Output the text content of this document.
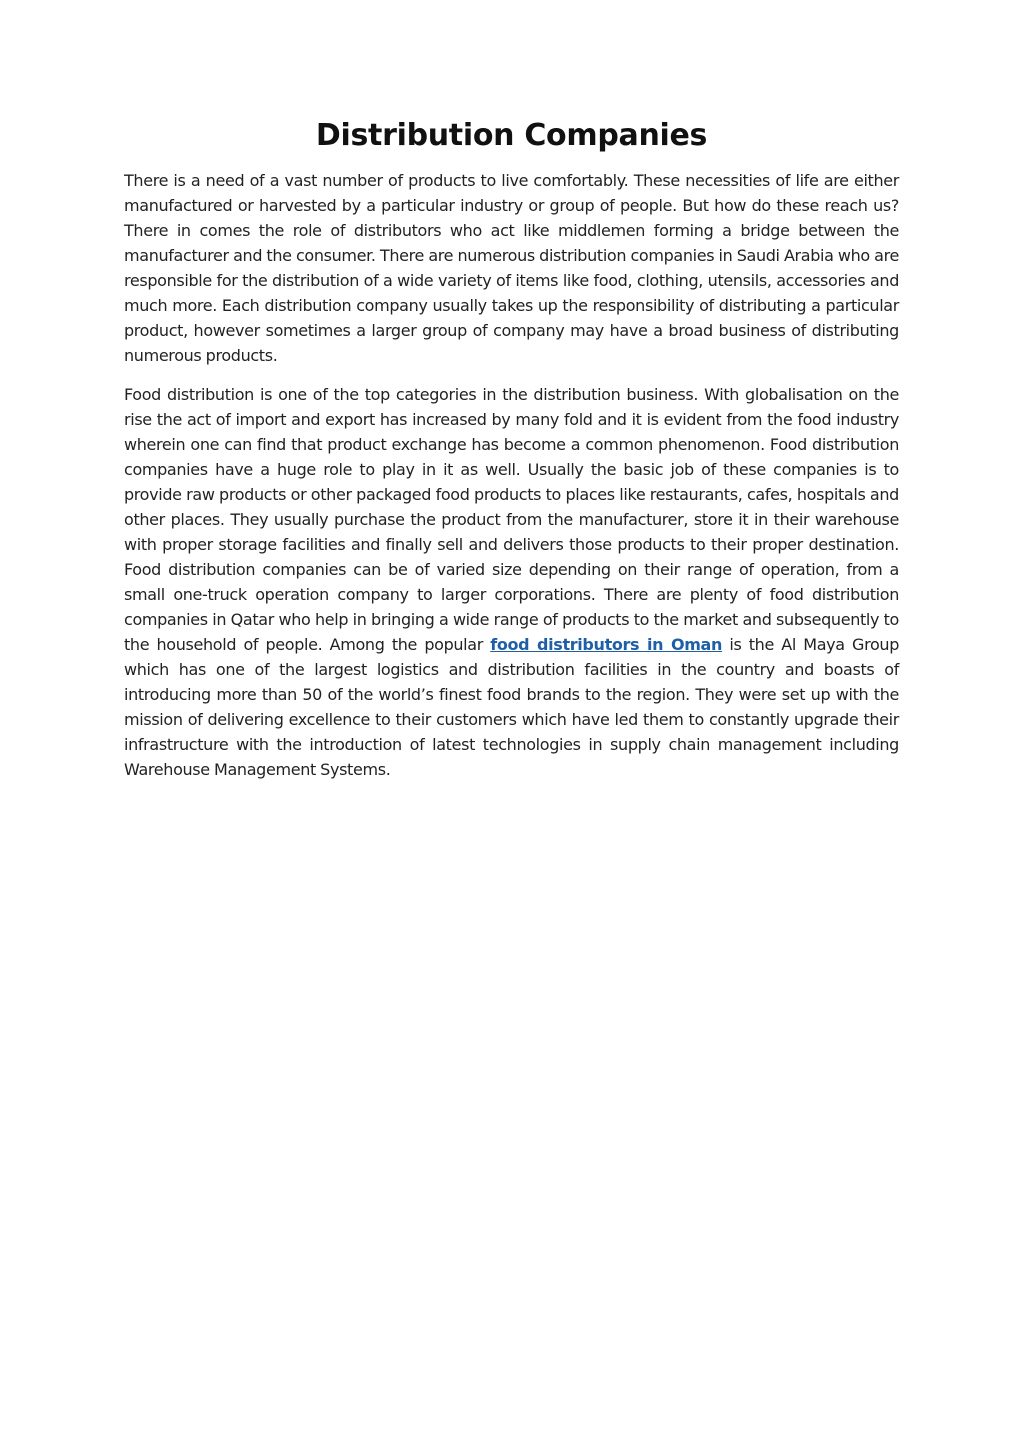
Distribution Companies

There is a need of a vast number of products to live comfortably. These necessities of life are either manufactured or harvested by a particular industry or group of people. But how do these reach us? There in comes the role of distributors who act like middlemen forming a bridge between the manufacturer and the consumer. There are numerous distribution companies in Saudi Arabia who are responsible for the distribution of a wide variety of items like food, clothing, utensils, accessories and much more. Each distribution company usually takes up the responsibility of distributing a particular product, however sometimes a larger group of company may have a broad business of distributing numerous products.

Food distribution is one of the top categories in the distribution business. With globalisation on the rise the act of import and export has increased by many fold and it is evident from the food industry wherein one can find that product exchange has become a common phenomenon. Food distribution companies have a huge role to play in it as well. Usually the basic job of these companies is to provide raw products or other packaged food products to places like restaurants, cafes, hospitals and other places. They usually purchase the product from the manufacturer, store it in their warehouse with proper storage facilities and finally sell and delivers those products to their proper destination. Food distribution companies can be of varied size depending on their range of operation, from a small one-truck operation company to larger corporations. There are plenty of food distribution companies in Qatar who help in bringing a wide range of products to the market and subsequently to the household of people. Among the popular food distributors in Oman is the Al Maya Group which has one of the largest logistics and distribution facilities in the country and boasts of introducing more than 50 of the world’s finest food brands to the region. They were set up with the mission of delivering excellence to their customers which have led them to constantly upgrade their infrastructure with the introduction of latest technologies in supply chain management including Warehouse Management Systems.
